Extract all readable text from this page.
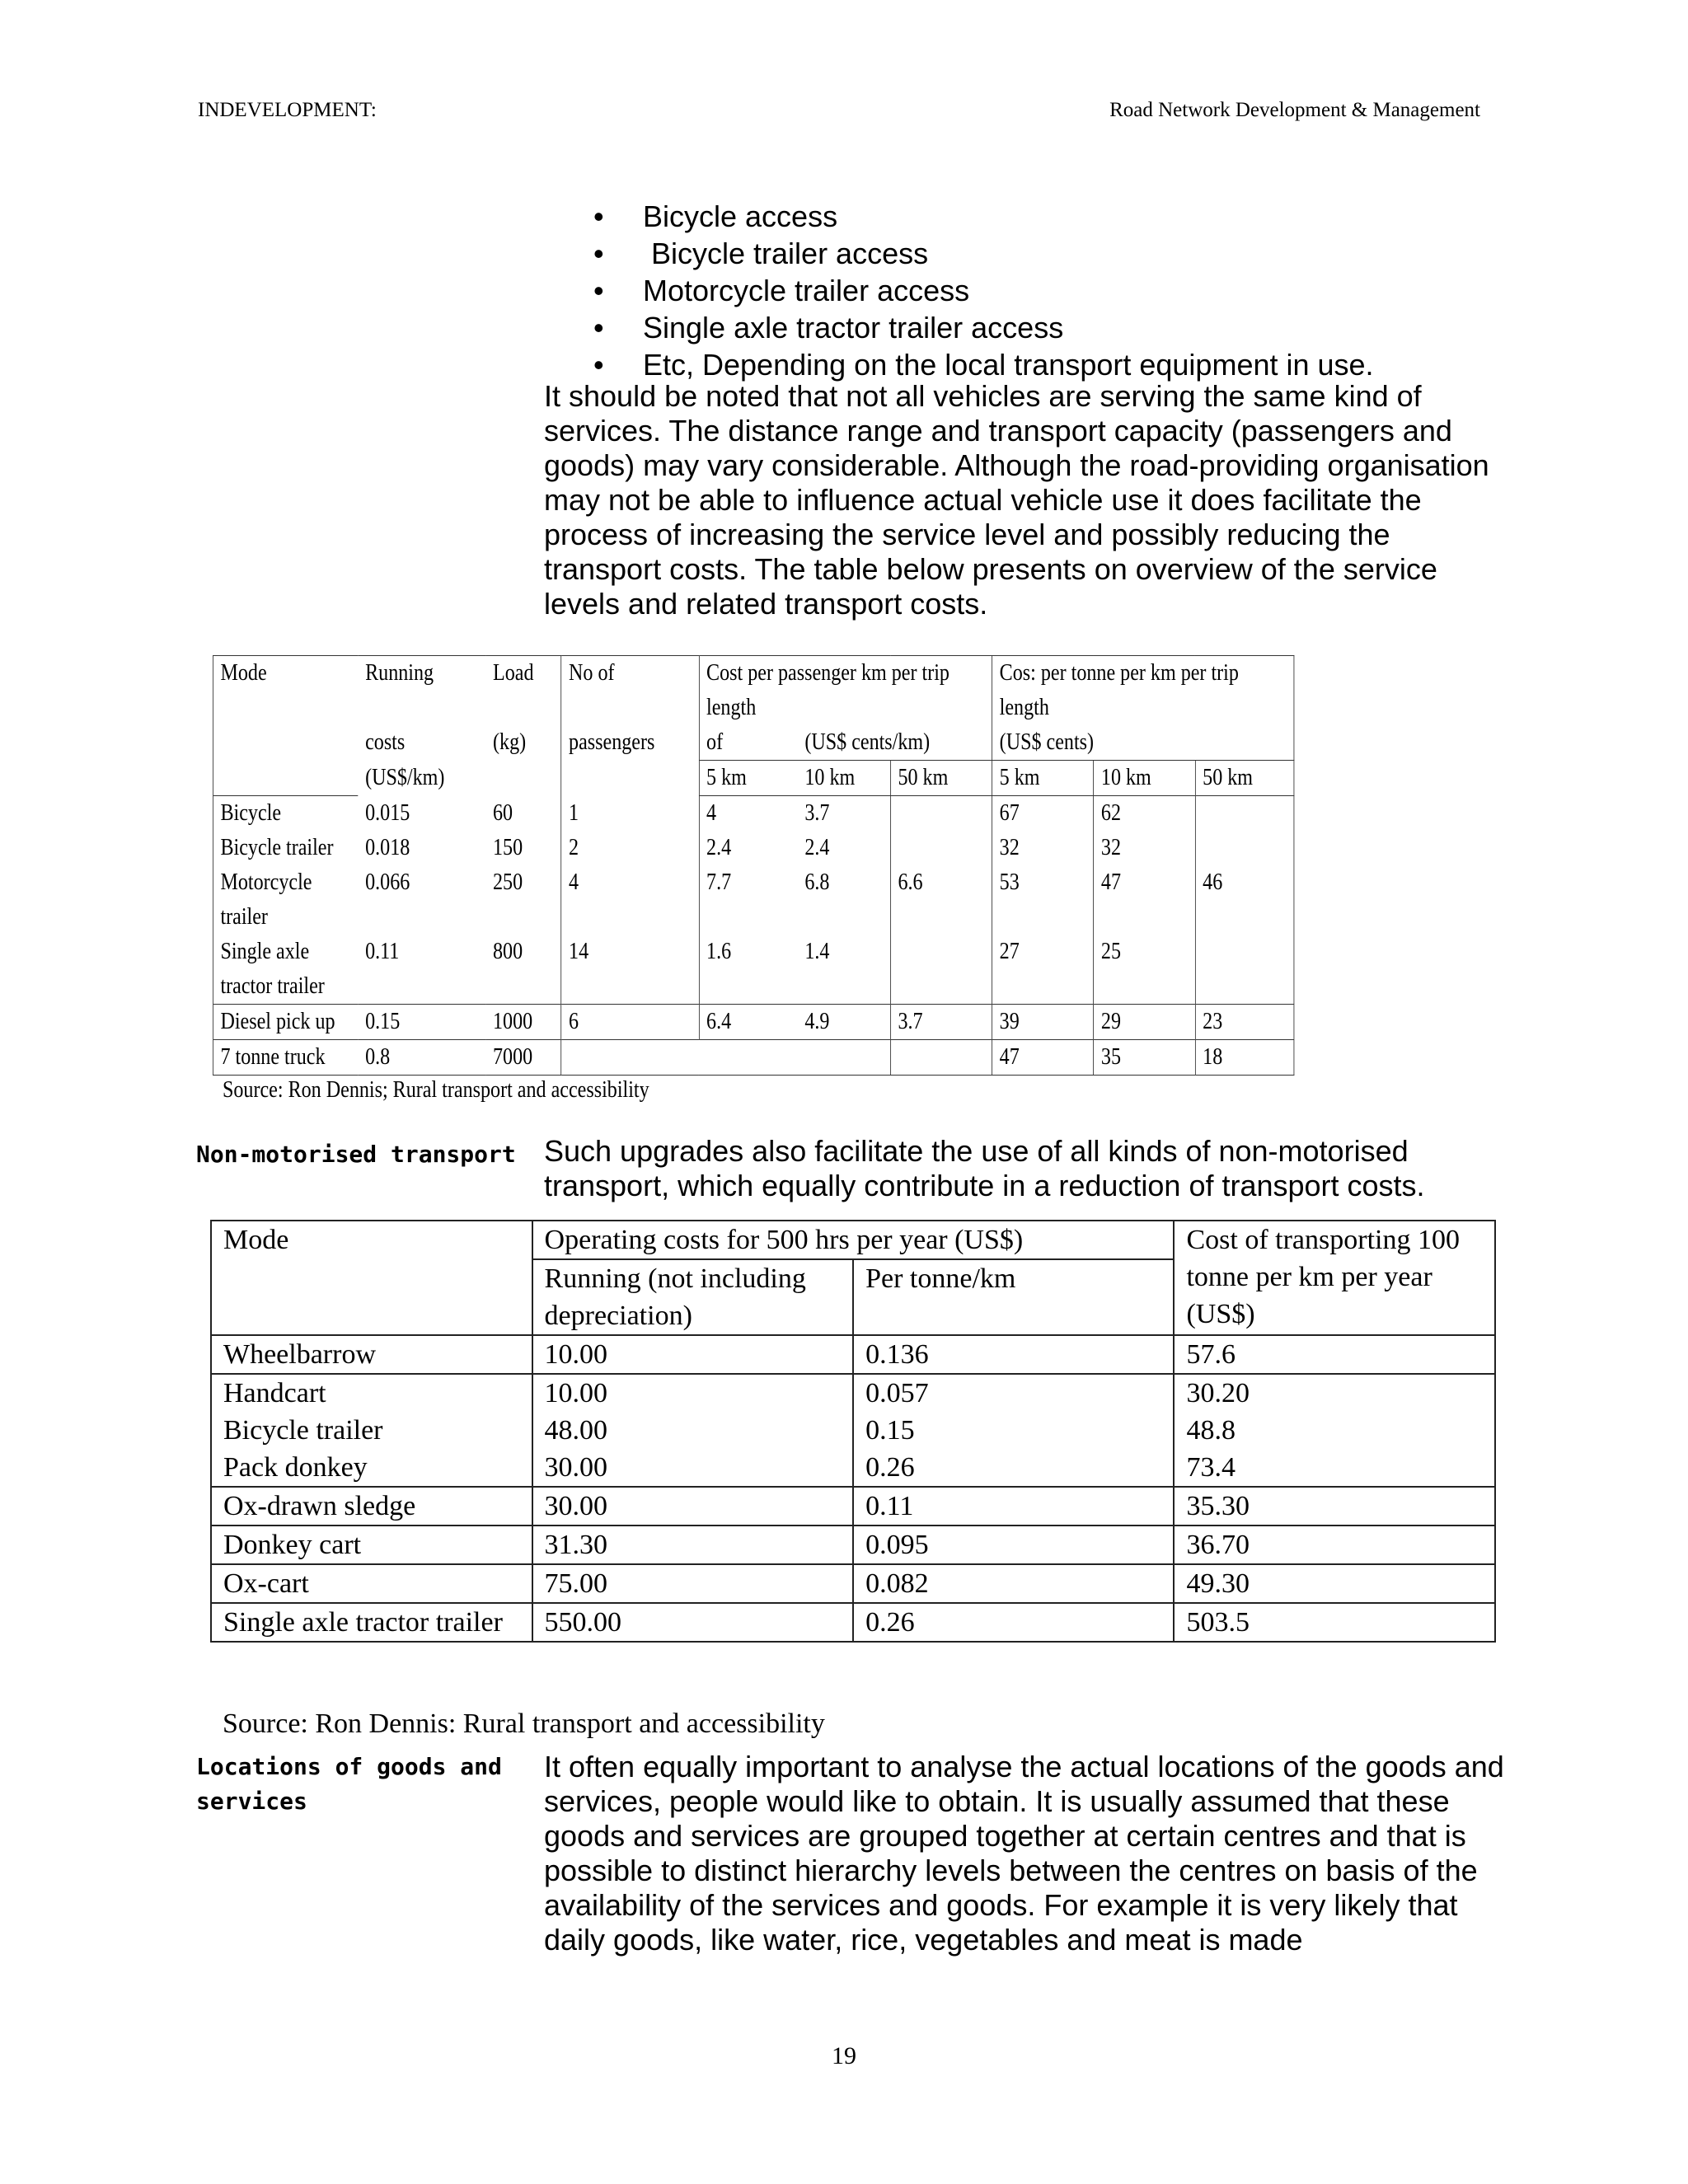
INDEVELOPMENT:	Road Network Development & Management
• Bicycle access
• Bicycle trailer access
• Motorcycle trailer access
• Single axle tractor trailer access
• Etc, Depending on the local transport equipment in use.

It should be noted that not all vehicles are serving the same kind of services. The distance range and transport capacity (passengers and goods) may vary considerable. Although the road-providing organisation may not be able to influence actual vehicle use it does facilitate the process of increasing the service level and possibly reducing the transport costs. The table below presents on overview of the service levels and related transport costs.

Mode	Running	Load	No of	Cost per passenger km per trip length			Cos: per tonne per km per trip length		
	costs	(kg)	passengers	of	(US$ cents/km)		(US$ cents)		
	(US$/km)			5 km	10 km	50 km	5 km	10 km	50 km
Bicycle	0.015	60	1	4	3.7		67	62	
Bicycle trailer	0.018	150	2	2.4	2.4		32	32	
Motorcycle
trailer	0.066	250	4	7.7	6.8	6.6	53	47	46
Single axle
tractor trailer	0.11	800	14	1.6	1.4		27	25	
Diesel pick up	0.15	1000	6	6.4	4.9	3.7	39	29	23
7 tonne truck	0.8	7000					47	35	18
Source: Ron Dennis; Rural transport and accessibility
Non-motorised transport Such upgrades also facilitate the use of all kinds of non-motorised transport, which equally contribute in a reduction of transport costs.

Mode	Operating costs for 500 hrs per year (US$)		Cost of transporting 100 tonne per km per year (US$)
	Running (not including depreciation)	Per tonne/km	
Wheelbarrow	10.00	0.136	57.6
Handcart	10.00	0.057	30.20
Bicycle trailer	48.00	0.15	48.8
Pack donkey	30.00	0.26	73.4
Ox-drawn sledge	30.00	0.11	35.30
Donkey cart	31.30	0.095	36.70
Ox-cart	75.00	0.082	49.30
Single axle tractor trailer	550.00	0.26	503.5
Source: Ron Dennis: Rural transport and accessibility
Locations of goods and services

It often equally important to analyse the actual locations of the goods and services, people would like to obtain. It is usually assumed that these goods and services are grouped together at certain centres and that is possible to distinct hierarchy levels between the centres on basis of the availability of the services and goods. For example it is very likely that daily goods, like water, rice, vegetables and meat is made

19
